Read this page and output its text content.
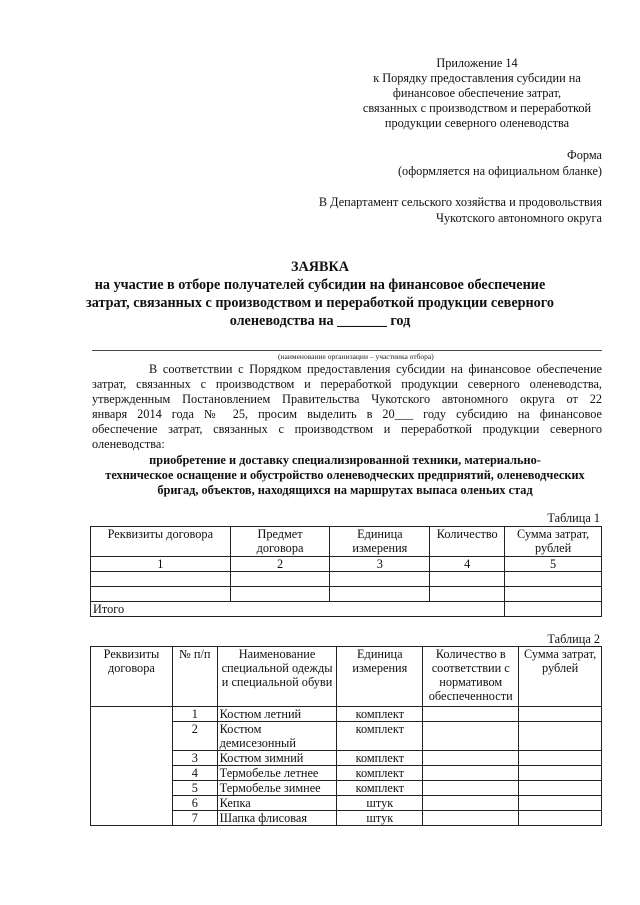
Приложение 14
к Порядку предоставления субсидии на
финансовое обеспечение затрат,
связанных с производством и переработкой
продукции северного оленеводства
Форма
(оформляется на официальном бланке)
В Департамент сельского хозяйства и продовольствия
Чукотского автономного округа
ЗАЯВКА
на участие в отборе получателей субсидии на финансовое обеспечение
затрат, связанных с производством и переработкой продукции северного
оленеводства на _______ год
(наименование организации – участника отбора)
В соответствии с Порядком предоставления субсидии на финансовое обеспечение
затрат, связанных с производством и переработкой продукции северного оленеводства,
утвержденным Постановлением Правительства Чукотского автономного округа от 22
января 2014 года № 25, просим выделить в 20___ году субсидию на финансовое
обеспечение затрат, связанных с производством и переработкой продукции северного
оленеводства:
приобретение и доставку специализированной техники, материально-
техническое оснащение и обустройство оленеводческих предприятий, оленеводческих
бригад, объектов, находящихся на маршрутах выпаса оленьих стад
Таблица 1
Реквизиты договора	Предмет договора	Единица измерения	Количество	Сумма затрат, рублей
1	2	3	4	5

Итого				
Таблица 2
Реквизиты договора	№ п/п	Наименование специальной одежды и специальной обуви	Единица измерения	Количество в соответствии с нормативом обеспеченности	Сумма затрат, рублей
	1	Костюм летний	комплект		
	2	Костюм демисезонный	комплект		
	3	Костюм зимний	комплект		
	4	Термобелье летнее	комплект		
	5	Термобелье зимнее	комплект		
	6	Кепка	штук		
	7	Шапка флисовая	штук		
